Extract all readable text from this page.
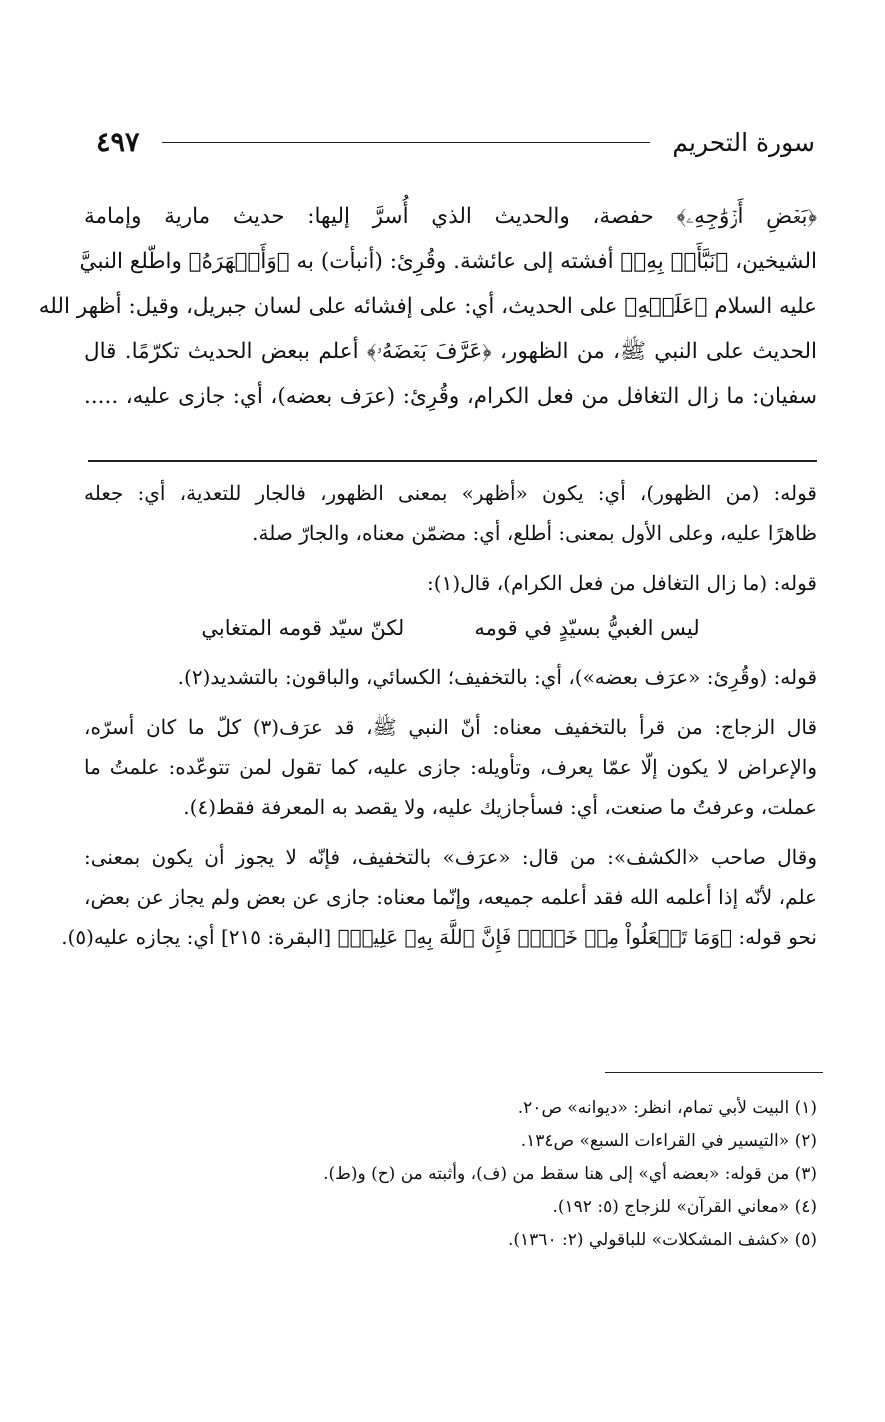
سورة التحريم
٤٩٧
﴿بَعۡضِ أَزۡوَٰجِهِۦ﴾ حفصة، والحديث الذي أُسرَّ إليها: حديث مارية وإمامة
الشيخين، ﴿نَبَّأَتۡ بِهِۦ﴾ أفشته إلى عائشة. وقُرِئ: (أنبأت) به ﴿وَأَظۡهَرَهُ﴾ واطّلع النبيَّ
عليه السلام ﴿عَلَيۡهِ﴾ على الحديث، أي: على إفشائه على لسان جبريل، وقيل: أظهر الله
الحديث على النبي ﷺ، من الظهور، ﴿عَرَّفَ بَعۡضَهُۥ﴾ أعلم ببعض الحديث تكرّمًا. قال
سفيان: ما زال التغافل من فعل الكرام، وقُرِئ: (عرَف بعضه)، أي: جازى عليه، .....
قوله: (من الظهور)، أي: يكون «أظهر» بمعنى الظهور، فالجار للتعدية، أي: جعله
ظاهرًا عليه، وعلى الأول بمعنى: أطلع، أي: مضمّن معناه، والجارّ صلة.
قوله: (ما زال التغافل من فعل الكرام)، قال(١):
ليس الغبيُّ بسيّدٍ في قومه
لكنّ سيّد قومه المتغابي
قوله: (وقُرِئ: «عرَف بعضه»)، أي: بالتخفيف؛ الكسائي، والباقون: بالتشديد(٢).
قال الزجاج: من قرأ بالتخفيف معناه: أنّ النبي ﷺ، قد عرَف(٣) كلّ ما كان أسرّه،
والإعراض لا يكون إلّا عمّا يعرف، وتأويله: جازى عليه، كما تقول لمن تتوعّده: علمتُ ما
عملت، وعرفتُ ما صنعت، أي: فسأجازيك عليه، ولا يقصد به المعرفة فقط(٤).
وقال صاحب «الكشف»: من قال: «عرَف» بالتخفيف، فإنّه لا يجوز أن يكون بمعنى:
علم، لأنّه إذا أعلمه الله فقد أعلمه جميعه، وإنّما معناه: جازى عن بعض ولم يجاز عن بعض،
نحو قوله: ﴿وَمَا تَفۡعَلُواْ مِنۡ خَيۡرٖ فَإِنَّ ٱللَّهَ بِهِۦ عَلِيمٞ﴾ [البقرة: ٢١٥] أي: يجازه عليه(٥).
(١) البيت لأبي تمام، انظر: «ديوانه» ص٢٠.
(٢) «التيسير في القراءات السبع» ص١٣٤.
(٣) من قوله: «بعضه أي» إلى هنا سقط من (ف)، وأثبته من (ح) و(ط).
(٤) «معاني القرآن» للزجاج (٥: ١٩٢).
(٥) «كشف المشكلات» للباقولي (٢: ١٣٦٠).
